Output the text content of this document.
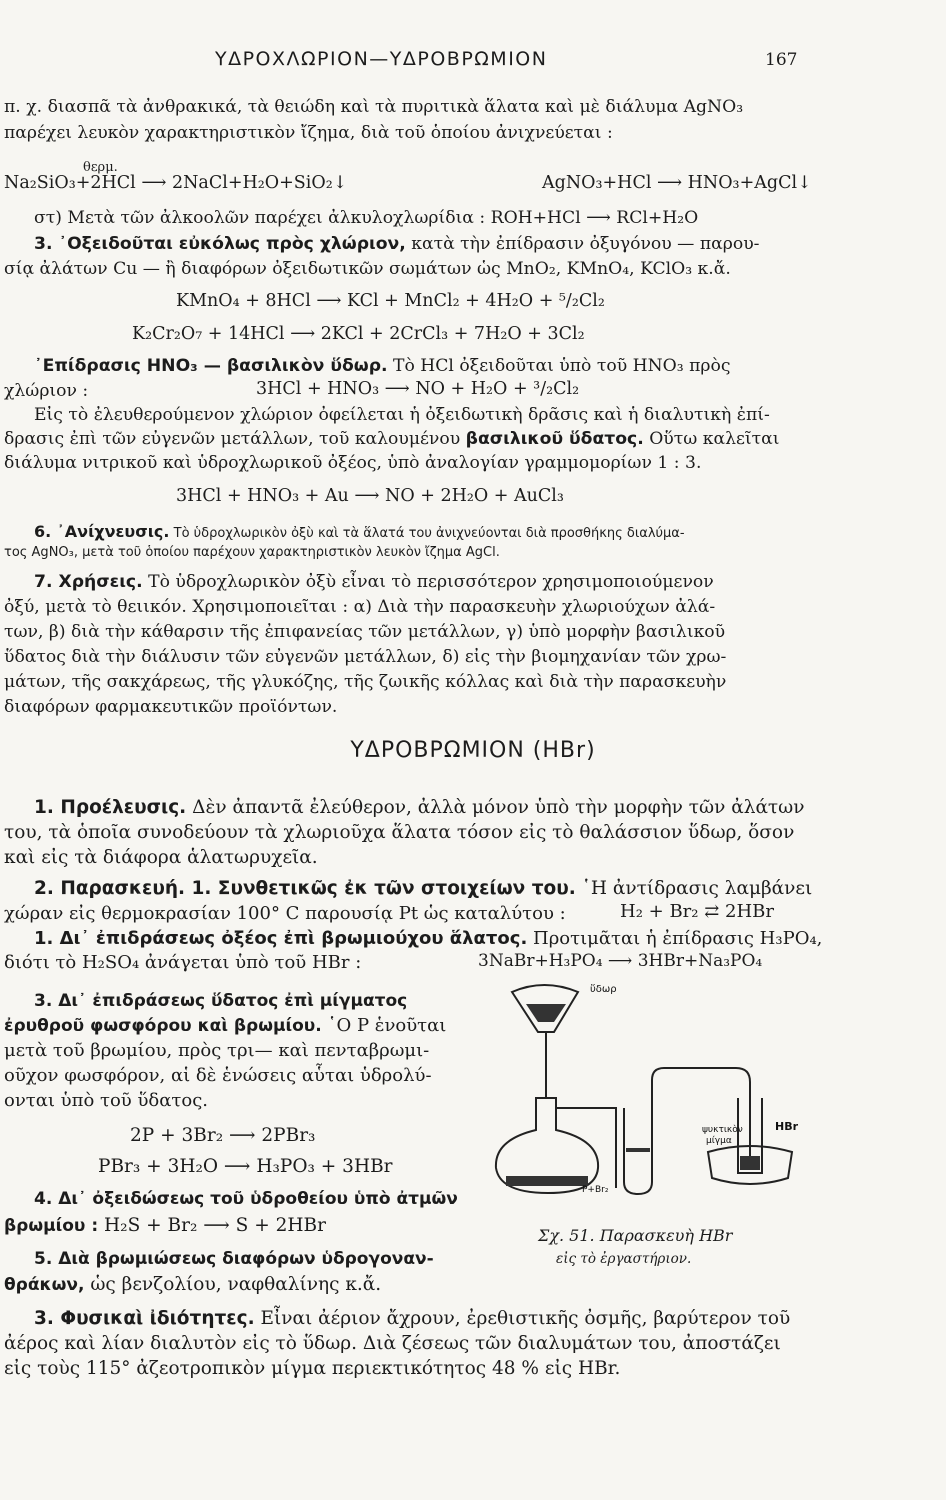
ΥΔΡΟΧΛΩΡΙΟΝ—ΥΔΡΟΒΡΩΜΙΟΝ	167
π. χ. διασπᾶ τὰ ἀνθρακικά, τὰ θειώδη καὶ τὰ πυριτικὰ ἅλατα καὶ μὲ διάλυμα AgNO₃
παρέχει λευκὸν χαρακτηριστικὸν ἴζημα, διὰ τοῦ ὁποίου ἀνιχνεύεται :
θερμ.
Na₂SiO₃+2HCl ⟶ 2NaCl+H₂O+SiO₂↓	AgNO₃+HCl ⟶ HNO₃+AgCl↓
στ) Μετὰ τῶν ἀλκοολῶν παρέχει ἀλκυλοχλωρίδια : ROH+HCl ⟶ RCl+H₂O
3. ᾿Οξειδοῦται εὐκόλως πρὸς χλώριον, κατὰ τὴν ἐπίδρασιν ὀξυγόνου — παρου-
σίᾳ ἀλάτων Cu — ἢ διαφόρων ὀξειδωτικῶν σωμάτων ὡς MnO₂, KMnO₄, KClO₃ κ.ἄ.
KMnO₄ + 8HCl ⟶ KCl + MnCl₂ + 4H₂O + ⁵/₂Cl₂
K₂Cr₂O₇ + 14HCl ⟶ 2KCl + 2CrCl₃ + 7H₂O + 3Cl₂
᾿Επίδρασις HNO₃ — βασιλικὸν ὕδωρ. Τὸ HCl ὀξειδοῦται ὑπὸ τοῦ HNO₃ πρὸς
χλώριον :	3HCl + HNO₃ ⟶ NO + H₂O + ³/₂Cl₂
Εἰς τὸ ἐλευθερούμενον χλώριον ὀφείλεται ἡ ὀξειδωτικὴ δρᾶσις καὶ ἡ διαλυτικὴ ἐπί-
δρασις ἐπὶ τῶν εὐγενῶν μετάλλων, τοῦ καλουμένου βασιλικοῦ ὕδατος. Οὕτω καλεῖται
διάλυμα νιτρικοῦ καὶ ὑδροχλωρικοῦ ὀξέος, ὑπὸ ἀναλογίαν γραμμομορίων 1 : 3.
3HCl + HNO₃ + Au ⟶ NO + 2H₂O + AuCl₃
6. ᾿Ανίχνευσις. Τὸ ὑδροχλωρικὸν ὀξὺ καὶ τὰ ἅλατά του ἀνιχνεύονται διὰ προσθήκης διαλύμα-
τος AgNO₃, μετὰ τοῦ ὁποίου παρέχουν χαρακτηριστικὸν λευκὸν ἴζημα AgCl.
7. Χρήσεις. Τὸ ὑδροχλωρικὸν ὀξὺ εἶναι τὸ περισσότερον χρησιμοποιούμενον
ὀξύ, μετὰ τὸ θειικόν. Χρησιμοποιεῖται : α) Διὰ τὴν παρασκευὴν χλωριούχων ἀλά-
των, β) διὰ τὴν κάθαρσιν τῆς ἐπιφανείας τῶν μετάλλων, γ) ὑπὸ μορφὴν βασιλικοῦ
ὕδατος διὰ τὴν διάλυσιν τῶν εὐγενῶν μετάλλων, δ) εἰς τὴν βιομηχανίαν τῶν χρω-
μάτων, τῆς σακχάρεως, τῆς γλυκόζης, τῆς ζωικῆς κόλλας καὶ διὰ τὴν παρασκευὴν
διαφόρων φαρμακευτικῶν προϊόντων.
ΥΔΡΟΒΡΩΜΙΟΝ (HBr)
1. Προέλευσις. Δὲν ἀπαντᾶ ἐλεύθερον, ἀλλὰ μόνον ὑπὸ τὴν μορφὴν τῶν ἀλάτων
του, τὰ ὁποῖα συνοδεύουν τὰ χλωριοῦχα ἅλατα τόσον εἰς τὸ θαλάσσιον ὕδωρ, ὅσον
καὶ εἰς τὰ διάφορα ἁλατωρυχεῖα.
2. Παρασκευή. 1. Συνθετικῶς ἐκ τῶν στοιχείων του. ῾Η ἀντίδρασις λαμβάνει
χώραν εἰς θερμοκρασίαν 100° C παρουσίᾳ Pt ὡς καταλύτου :	H₂ + Br₂ ⇄ 2HBr
1. Δι᾿ ἐπιδράσεως ὀξέος ἐπὶ βρωμιούχου ἅλατος. Προτιμᾶται ἡ ἐπίδρασις H₃PO₄,
διότι τὸ H₂SO₄ ἀνάγεται ὑπὸ τοῦ HBr :	3NaBr+H₃PO₄ ⟶ 3HBr+Na₃PO₄
3. Δι᾿ ἐπιδράσεως ὕδατος ἐπὶ μίγματος
ἐρυθροῦ φωσφόρου καὶ βρωμίου. ῾Ο P ἑνοῦται
μετὰ τοῦ βρωμίου, πρὸς τρι— καὶ πενταβρωμι-
οῦχον φωσφόρον, αἱ δὲ ἑνώσεις αὗται ὑδρολύ-
ονται ὑπὸ τοῦ ὕδατος.
2P + 3Br₂ ⟶ 2PBr₃
PBr₃ + 3H₂O ⟶ H₃PO₃ + 3HBr
4. Δι᾿ ὀξειδώσεως τοῦ ὑδροθείου ὑπὸ ἀτμῶν
βρωμίου : H₂S + Br₂ ⟶ S + 2HBr
5. Διὰ βρωμιώσεως διαφόρων ὑδρογοναν-
θράκων, ὡς βενζολίου, ναφθαλίνης κ.ἄ.
3. Φυσικαὶ ἰδιότητες. Εἶναι ἀέριον ἄχρουν, ἐρεθιστικῆς ὀσμῆς, βαρύτερον τοῦ
ἀέρος καὶ λίαν διαλυτὸν εἰς τὸ ὕδωρ. Διὰ ζέσεως τῶν διαλυμάτων του, ἀποστάζει
εἰς τοὺς 115° ἀζεοτροπικὸν μίγμα περιεκτικότητος 48 % εἰς HBr.
ὕδωρ
HBr
P+Br₂
ψυκτικὸν
μίγμα
Σχ. 51. Παρασκευὴ HBr
εἰς τὸ ἐργαστήριον.
